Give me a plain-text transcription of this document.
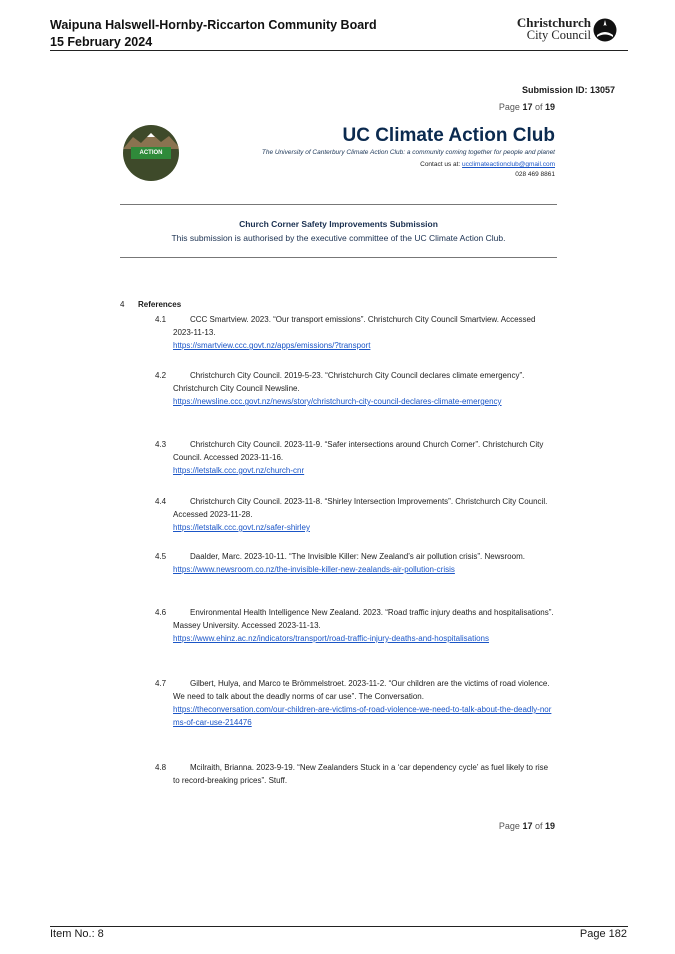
Waipuna Halswell-Hornby-Riccarton Community Board
15 February 2024
Christchurch
City Council
Submission ID: 13057
Page 17 of 19
ACTION
UC Climate Action Club
The University of Canterbury Climate Action Club: a community coming together for people and planet
Contact us at: ucclimateactionclub@gmail.com
028 469 8861
Church Corner Safety Improvements Submission
This submission is authorised by the executive committee of the UC Climate Action Club.
4 References
4.1	CCC Smartview. 2023. “Our transport emissions”. Christchurch City Council Smartview. Accessed 2023-11-13.
https://smartview.ccc.govt.nz/apps/emissions/?transport
4.2	Christchurch City Council. 2019-5-23. “Christchurch City Council declares climate emergency”. Christchurch City Council Newsline.
https://newsline.ccc.govt.nz/news/story/christchurch-city-council-declares-climate-emergency
4.3	Christchurch City Council. 2023-11-9. “Safer intersections around Church Corner”. Christchurch City Council. Accessed 2023-11-16.
https://letstalk.ccc.govt.nz/church-cnr
4.4	Christchurch City Council. 2023-11-8. “Shirley Intersection Improvements”. Christchurch City Council. Accessed 2023-11-28.
https://letstalk.ccc.govt.nz/safer-shirley
4.5	Daalder, Marc. 2023-10-11. “The Invisible Killer: New Zealand’s air pollution crisis”. Newsroom.
https://www.newsroom.co.nz/the-invisible-killer-new-zealands-air-pollution-crisis
4.6	Environmental Health Intelligence New Zealand. 2023. “Road traffic injury deaths and hospitalisations”. Massey University. Accessed 2023-11-13.
https://www.ehinz.ac.nz/indicators/transport/road-traffic-injury-deaths-and-hospitalisations
4.7	Gilbert, Hulya, and Marco te Brömmelstroet. 2023-11-2. “Our children are the victims of road violence. We need to talk about the deadly norms of car use”. The Conversation.
https://theconversation.com/our-children-are-victims-of-road-violence-we-need-to-talk-about-the-deadly-norms-of-car-use-214476
4.8	Mcilraith, Brianna. 2023-9-19. “New Zealanders Stuck in a ‘car dependency cycle’ as fuel likely to rise to record-breaking prices”. Stuff.
Page 17 of 19
Item No.: 8	Page 182
